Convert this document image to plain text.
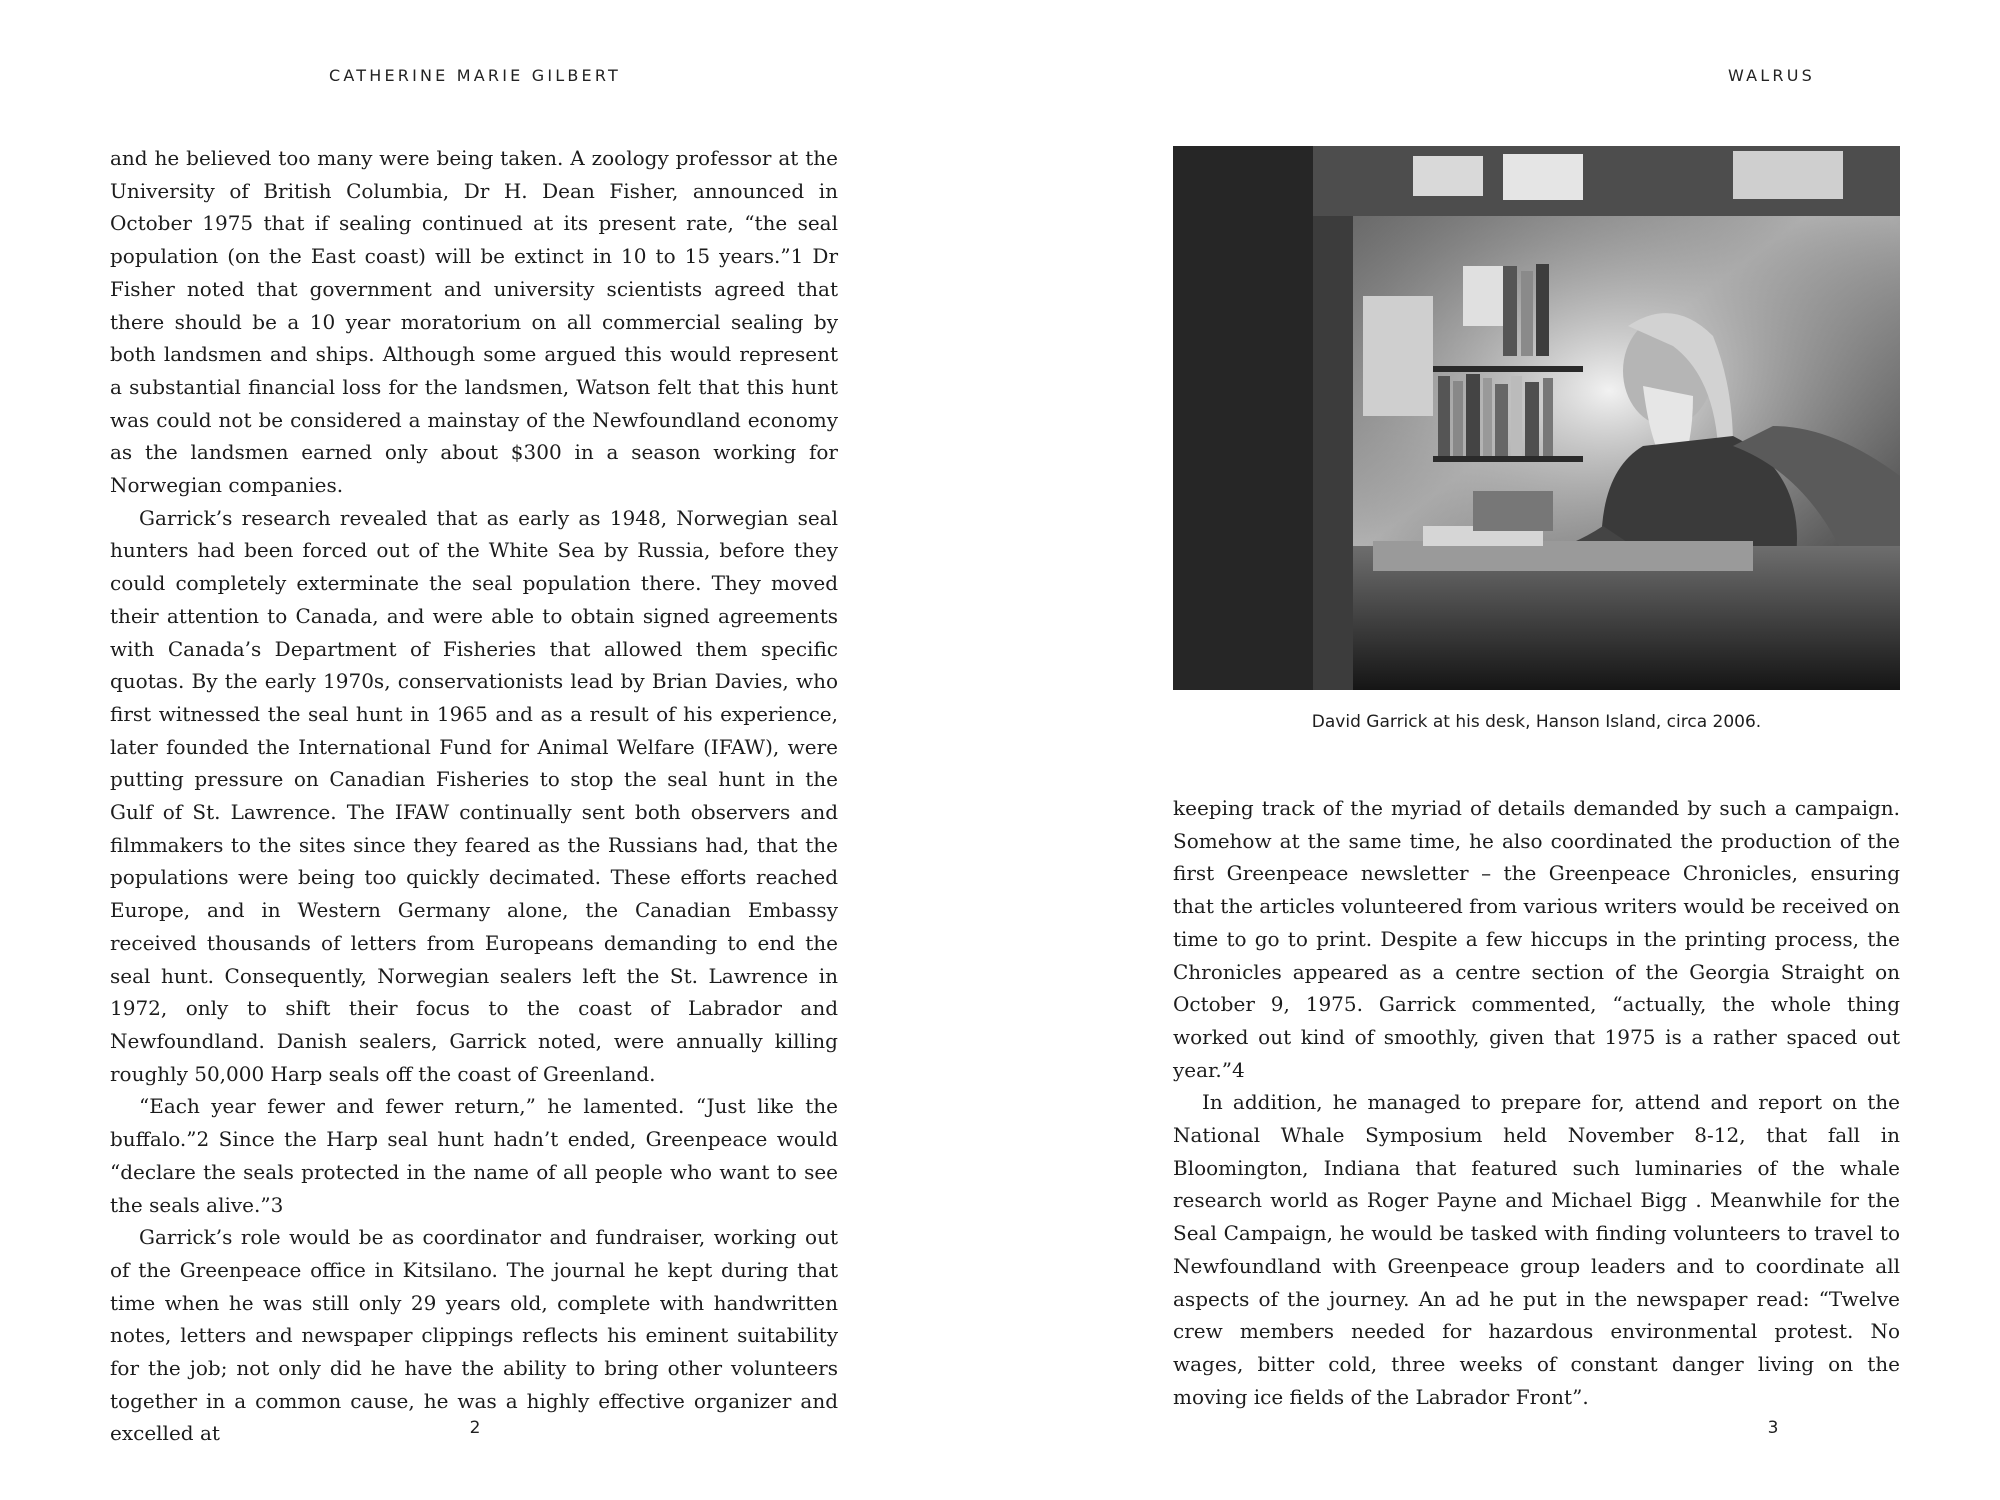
CATHERINE MARIE GILBERT

and he believed too many were being taken. A zoology professor at the University of British Columbia, Dr H. Dean Fisher, announced in October 1975 that if sealing continued at its present rate, “the seal population (on the East coast) will be extinct in 10 to 15 years.”1 Dr Fisher noted that government and university scientists agreed that there should be a 10 year moratorium on all commercial sealing by both landsmen and ships. Although some argued this would represent a substantial financial loss for the landsmen, Watson felt that this hunt was could not be considered a mainstay of the Newfoundland economy as the landsmen earned only about $300 in a season working for Norwegian companies.

Garrick’s research revealed that as early as 1948, Norwegian seal hunters had been forced out of the White Sea by Russia, before they could completely exterminate the seal population there. They moved their attention to Canada, and were able to obtain signed agreements with Canada’s Department of Fisheries that allowed them specific quotas. By the early 1970s, conservationists lead by Brian Davies, who first witnessed the seal hunt in 1965 and as a result of his experience, later founded the International Fund for Animal Welfare (IFAW), were putting pressure on Canadian Fisheries to stop the seal hunt in the Gulf of St. Lawrence. The IFAW continually sent both observers and filmmakers to the sites since they feared as the Russians had, that the populations were being too quickly decimated. These efforts reached Europe, and in Western Germany alone, the Canadian Embassy received thousands of letters from Europeans demanding to end the seal hunt. Consequently, Norwegian sealers left the St. Lawrence in 1972, only to shift their focus to the coast of Labrador and Newfoundland. Danish sealers, Garrick noted, were annually killing roughly 50,000 Harp seals off the coast of Greenland.

“Each year fewer and fewer return,” he lamented. “Just like the buffalo.”2 Since the Harp seal hunt hadn’t ended, Greenpeace would “declare the seals protected in the name of all people who want to see the seals alive.”3

Garrick’s role would be as coordinator and fundraiser, working out of the Greenpeace office in Kitsilano. The journal he kept during that time when he was still only 29 years old, complete with handwritten notes, letters and newspaper clippings reflects his eminent suitability for the job; not only did he have the ability to bring other volunteers together in a common cause, he was a highly effective organizer and excelled at	2
WALRUS
David Garrick at his desk, Hanson Island, circa 2006.

keeping track of the myriad of details demanded by such a campaign. Somehow at the same time, he also coordinated the production of the first Greenpeace newsletter – the Greenpeace Chronicles, ensuring that the articles volunteered from various writers would be received on time to go to print. Despite a few hiccups in the printing process, the Chronicles appeared as a centre section of the Georgia Straight on October 9, 1975. Garrick commented, “actually, the whole thing worked out kind of smoothly, given that 1975 is a rather spaced out year.”4

In addition, he managed to prepare for, attend and report on the National Whale Symposium held November 8-12, that fall in Bloomington, Indiana that featured such luminaries of the whale research world as Roger Payne and Michael Bigg . Meanwhile for the Seal Campaign, he would be tasked with finding volunteers to travel to Newfoundland with Greenpeace group leaders and to coordinate all aspects of the journey. An ad he put in the newspaper read: “Twelve crew members needed for hazardous environmental protest. No wages, bitter cold, three weeks of constant danger living on the moving ice fields of the Labrador Front”.

3
